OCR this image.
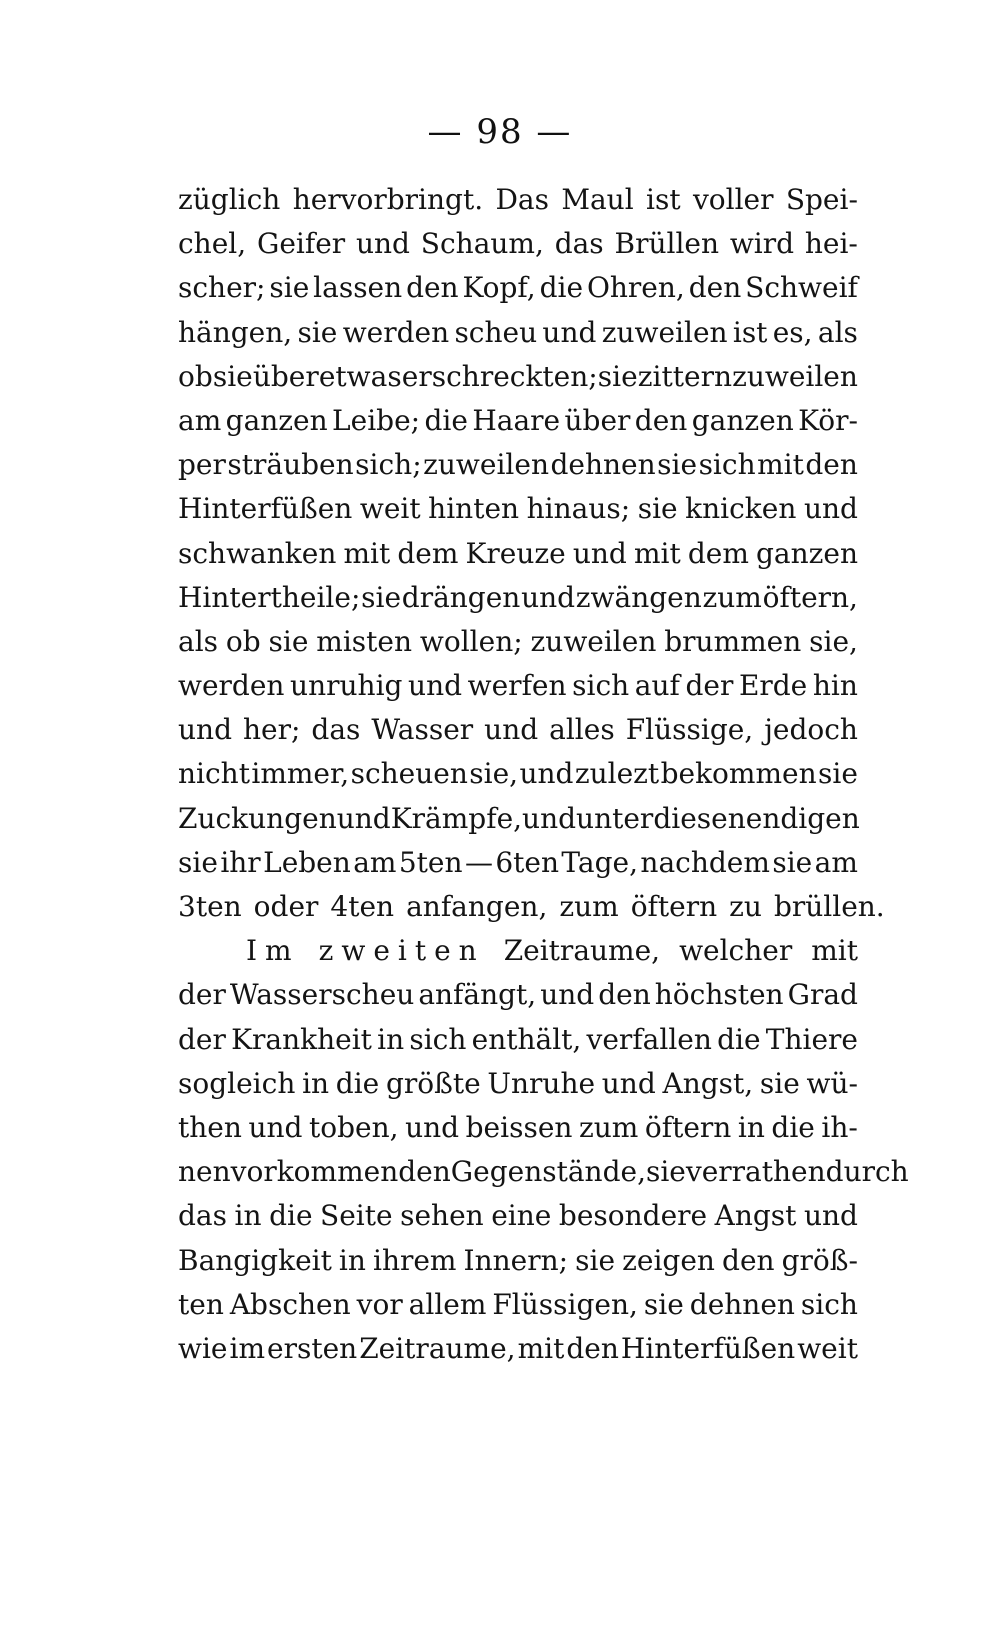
— 98 —
züglich hervorbringt. Das Maul ist voller Spei-
chel, Geifer und Schaum, das Brüllen wird hei-
scher; sie lassen den Kopf, die Ohren, den Schweif
hängen, sie werden scheu und zuweilen ist es, als
ob sie über etwas erschreckten; sie zittern zuweilen
am ganzen Leibe; die Haare über den ganzen Kör-
per sträuben sich; zuweilen dehnen sie sich mit den
Hinterfüßen weit hinten hinaus; sie knicken und
schwanken mit dem Kreuze und mit dem ganzen
Hintertheile; sie drängen und zwängen zum öftern,
als ob sie misten wollen; zuweilen brummen sie,
werden unruhig und werfen sich auf der Erde hin
und her; das Wasser und alles Flüssige, jedoch
nicht immer, scheuen sie, und zulezt bekommen sie
Zuckungen und Krämpfe, und unter diesen endigen
sie ihr Leben am 5ten — 6ten Tage, nachdem sie am
3ten oder 4ten anfangen, zum öftern zu brüllen.
Im zweiten Zeitraume, welcher mit
der Wasserscheu anfängt, und den höchsten Grad
der Krankheit in sich enthält, verfallen die Thiere
sogleich in die größte Unruhe und Angst, sie wü-
then und toben, und beissen zum öftern in die ih-
nen vorkommenden Gegenstände, sie verrathen durch
das in die Seite sehen eine besondere Angst und
Bangigkeit in ihrem Innern; sie zeigen den größ-
ten Abschen vor allem Flüssigen, sie dehnen sich
wie im ersten Zeitraume, mit den Hinterfüßen weit
